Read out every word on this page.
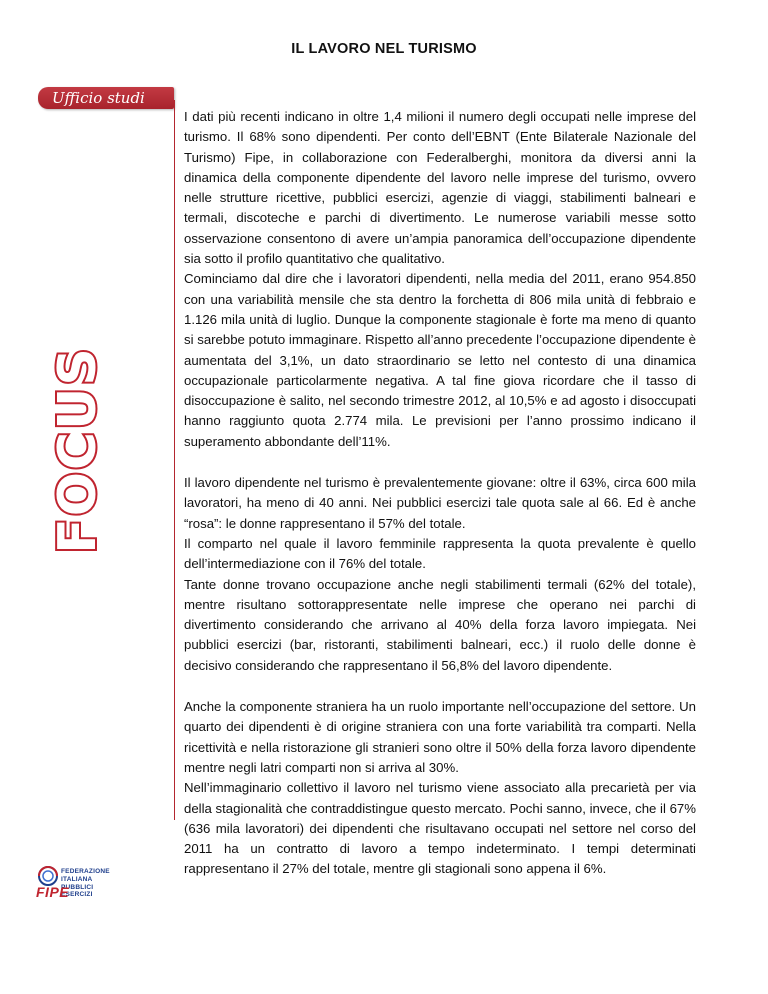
IL LAVORO NEL TURISMO
Ufficio studi
FOCUS

I dati più recenti indicano in oltre 1,4 milioni il numero degli occupati nelle imprese del turismo. Il 68% sono dipendenti. Per conto dell’EBNT (Ente Bilaterale Nazionale del Turismo) Fipe, in collaborazione con Federalberghi, monitora da diversi anni la dinamica della componente dipendente del lavoro nelle imprese del turismo, ovvero nelle strutture ricettive, pubblici esercizi, agenzie di viaggi, stabilimenti balneari e termali, discoteche e parchi di divertimento. Le numerose variabili messe sotto osservazione consentono di avere un’ampia panoramica dell’occupazione dipendente sia sotto il profilo quantitativo che qualitativo.

Cominciamo dal dire che i lavoratori dipendenti, nella media del 2011, erano 954.850 con una variabilità mensile che sta dentro la forchetta di 806 mila unità di febbraio e 1.126 mila unità di luglio. Dunque la componente stagionale è forte ma meno di quanto si sarebbe potuto immaginare. Rispetto all’anno precedente l’occupazione dipendente è aumentata del 3,1%, un dato straordinario se letto nel contesto di una dinamica occupazionale particolarmente negativa. A tal fine giova ricordare che il tasso di disoccupazione è salito, nel secondo trimestre 2012, al 10,5% e ad agosto i disoccupati hanno raggiunto quota 2.774 mila. Le previsioni per l’anno prossimo indicano il superamento abbondante dell’11%.

Il lavoro dipendente nel turismo è prevalentemente giovane: oltre il 63%, circa 600 mila lavoratori, ha meno di 40 anni. Nei pubblici esercizi tale quota sale al 66. Ed è anche “rosa”: le donne rappresentano il 57% del totale.

Il comparto nel quale il lavoro femminile rappresenta la quota prevalente è quello dell’intermediazione con il 76% del totale.

Tante donne trovano occupazione anche negli stabilimenti termali (62% del totale), mentre risultano sottorappresentate nelle imprese che operano nei parchi di divertimento considerando che arrivano al 40% della forza lavoro impiegata. Nei pubblici esercizi (bar, ristoranti, stabilimenti balneari, ecc.) il ruolo delle donne è decisivo considerando che rappresentano il 56,8% del lavoro dipendente.

Anche la componente straniera ha un ruolo importante nell’occupazione del settore. Un quarto dei dipendenti è di origine straniera con una forte variabilità tra comparti. Nella ricettività e nella ristorazione gli stranieri sono oltre il 50% della forza lavoro dipendente mentre negli latri comparti non si arriva al 30%.

Nell’immaginario collettivo il lavoro nel turismo viene associato alla precarietà per via della stagionalità che contraddistingue questo mercato. Pochi sanno, invece, che il 67% (636 mila lavoratori) dei dipendenti che risultavano occupati nel settore nel corso del 2011 ha un contratto di lavoro a tempo indeterminato. I tempi determinati rappresentano il 27% del totale, mentre gli stagionali sono appena il 6%.

FEDERAZIONE
ITALIANA
PUBBLICI
ESERCIZI
FIPE
